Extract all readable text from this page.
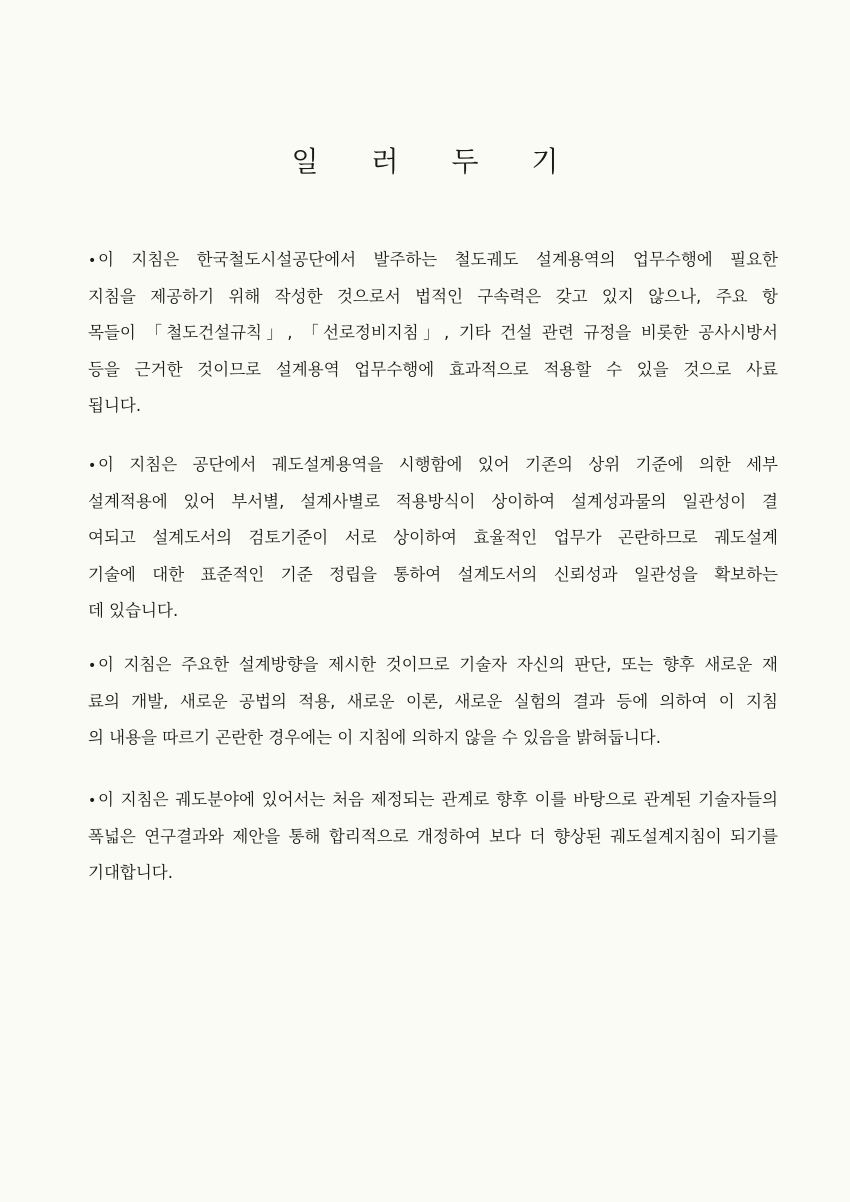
일 러 두 기
• 이 지침은 한국철도시설공단에서 발주하는 철도궤도 설계용역의 업무수행에 필요한
지침을 제공하기 위해 작성한 것으로서 법적인 구속력은 갖고 있지 않으나, 주요 항
목들이 「철도건설규칙」, 「선로정비지침」, 기타 건설 관련 규정을 비롯한 공사시방서
등을 근거한 것이므로 설계용역 업무수행에 효과적으로 적용할 수 있을 것으로 사료
됩니다.
• 이 지침은 공단에서 궤도설계용역을 시행함에 있어 기존의 상위 기준에 의한 세부
설계적용에 있어 부서별, 설계사별로 적용방식이 상이하여 설계성과물의 일관성이 결
여되고 설계도서의 검토기준이 서로 상이하여 효율적인 업무가 곤란하므로 궤도설계
기술에 대한 표준적인 기준 정립을 통하여 설계도서의 신뢰성과 일관성을 확보하는
데 있습니다.
• 이 지침은 주요한 설계방향을 제시한 것이므로 기술자 자신의 판단, 또는 향후 새로운 재
료의 개발, 새로운 공법의 적용, 새로운 이론, 새로운 실험의 결과 등에 의하여 이 지침
의 내용을 따르기 곤란한 경우에는 이 지침에 의하지 않을 수 있음을 밝혀둡니다.
• 이 지침은 궤도분야에 있어서는 처음 제정되는 관계로 향후 이를 바탕으로 관계된 기술자들의
폭넓은 연구결과와 제안을 통해 합리적으로 개정하여 보다 더 향상된 궤도설계지침이 되기를
기대합니다.
